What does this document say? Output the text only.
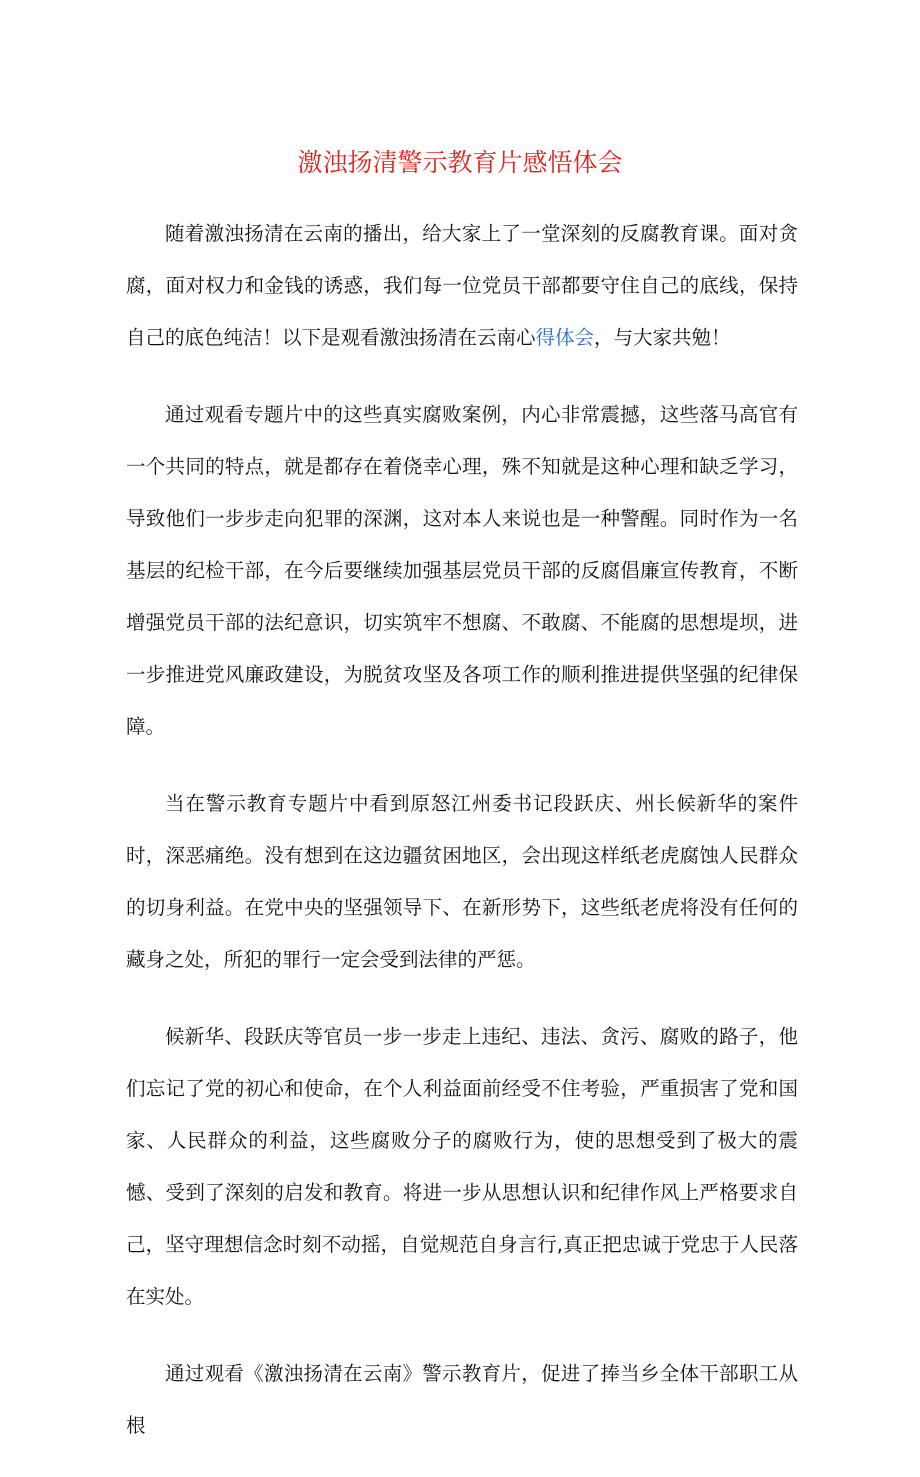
激浊扬清警示教育片感悟体会

随着激浊扬清在云南的播出，给大家上了一堂深刻的反腐教育课。面对贪腐，面对权力和金钱的诱惑，我们每一位党员干部都要守住自己的底线，保持自己的底色纯洁！以下是观看激浊扬清在云南心得体会，与大家共勉！

通过观看专题片中的这些真实腐败案例，内心非常震撼，这些落马高官有一个共同的特点，就是都存在着侥幸心理，殊不知就是这种心理和缺乏学习，导致他们一步步走向犯罪的深渊，这对本人来说也是一种警醒。同时作为一名基层的纪检干部，在今后要继续加强基层党员干部的反腐倡廉宣传教育，不断增强党员干部的法纪意识，切实筑牢不想腐、不敢腐、不能腐的思想堤坝，进一步推进党风廉政建设，为脱贫攻坚及各项工作的顺利推进提供坚强的纪律保障。

当在警示教育专题片中看到原怒江州委书记段跃庆、州长候新华的案件时，深恶痛绝。没有想到在这边疆贫困地区，会出现这样纸老虎腐蚀人民群众的切身利益。在党中央的坚强领导下、在新形势下，这些纸老虎将没有任何的藏身之处，所犯的罪行一定会受到法律的严惩。

候新华、段跃庆等官员一步一步走上违纪、违法、贪污、腐败的路子，他们忘记了党的初心和使命，在个人利益面前经受不住考验，严重损害了党和国家、人民群众的利益，这些腐败分子的腐败行为，使的思想受到了极大的震憾、受到了深刻的启发和教育。将进一步从思想认识和纪律作风上严格要求自己，坚守理想信念时刻不动摇，自觉规范自身言行,真正把忠诚于党忠于人民落在实处。

通过观看《激浊扬清在云南》警示教育片，促进了捧当乡全体干部职工从根
